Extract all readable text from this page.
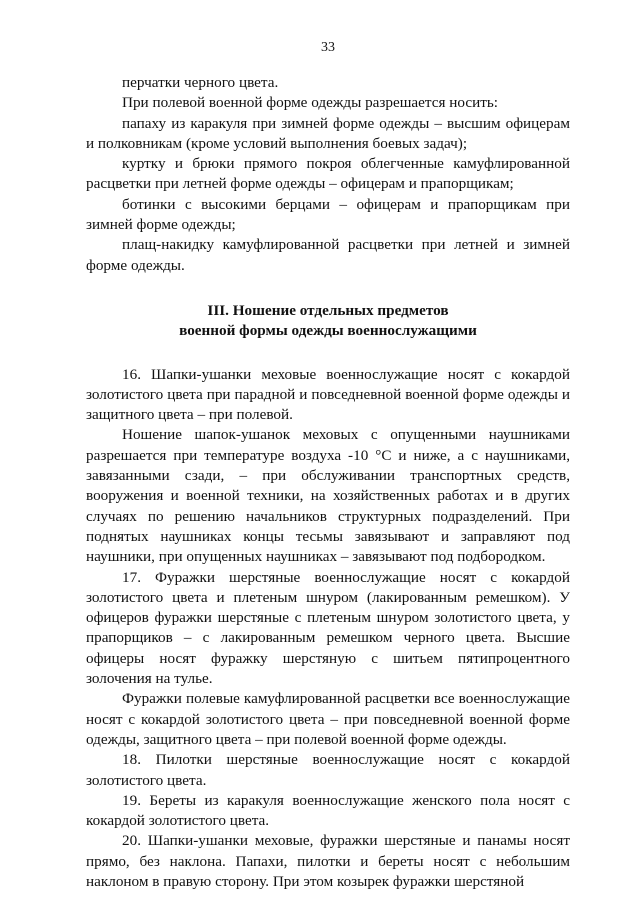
33

перчатки черного цвета.

При полевой военной форме одежды разрешается носить:

папаху из каракуля при зимней форме одежды – высшим офицерам и полковникам (кроме условий выполнения боевых задач);

куртку и брюки прямого покроя облегченные камуфлированной расцветки при летней форме одежды – офицерам и прапорщикам;

ботинки с высокими берцами – офицерам и прапорщикам при зимней форме одежды;

плащ-накидку камуфлированной расцветки при летней и зимней форме одежды.

III. Ношение отдельных предметов
военной формы одежды военнослужащими

16. Шапки-ушанки меховые военнослужащие носят с кокардой золотистого цвета при парадной и повседневной военной форме одежды и защитного цвета – при полевой.

Ношение шапок-ушанок меховых с опущенными наушниками разрешается при температуре воздуха -10 °С и ниже, а с наушниками, завязанными сзади, – при обслуживании транспортных средств, вооружения и военной техники, на хозяйственных работах и в других случаях по решению начальников структурных подразделений. При поднятых наушниках концы тесьмы завязывают и заправляют под наушники, при опущенных наушниках – завязывают под подбородком.

17. Фуражки шерстяные военнослужащие носят с кокардой золотистого цвета и плетеным шнуром (лакированным ремешком). У офицеров фуражки шерстяные с плетеным шнуром золотистого цвета, у прапорщиков – с лакированным ремешком черного цвета. Высшие офицеры носят фуражку шерстяную с шитьем пятипроцентного золочения на тулье.

Фуражки полевые камуфлированной расцветки все военнослужащие носят с кокардой золотистого цвета – при повседневной военной форме одежды, защитного цвета – при полевой военной форме одежды.

18. Пилотки шерстяные военнослужащие носят с кокардой золотистого цвета.

19. Береты из каракуля военнослужащие женского пола носят с кокардой золотистого цвета.

20. Шапки-ушанки меховые, фуражки шерстяные и панамы носят прямо, без наклона. Папахи, пилотки и береты носят с небольшим наклоном в правую сторону. При этом козырек фуражки шерстяной
